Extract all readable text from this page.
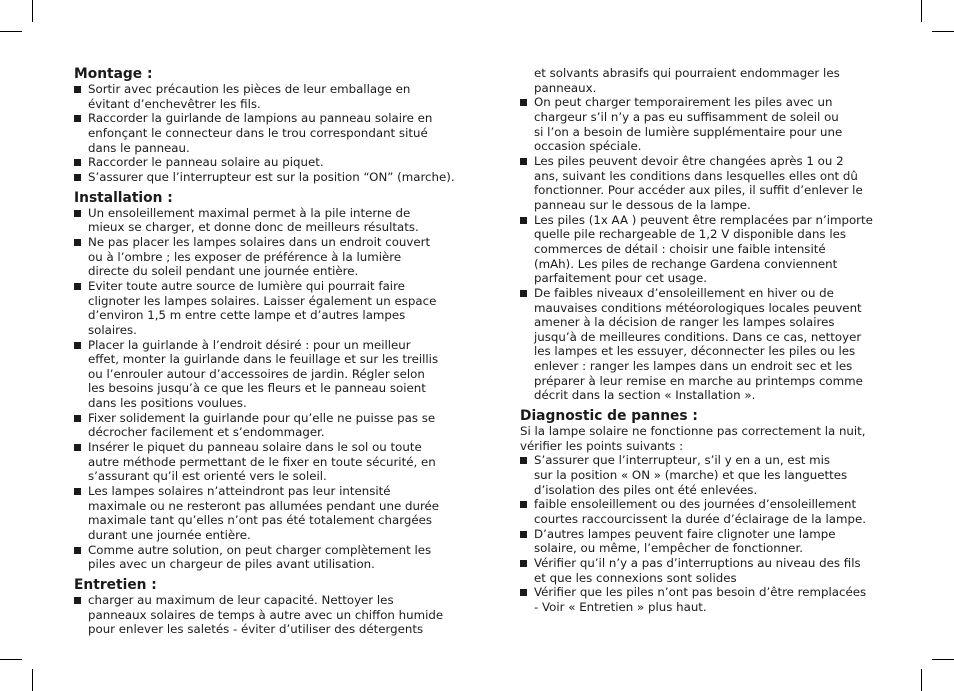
Montage :
Sortir avec précaution les pièces de leur emballage en
évitant d’enchevêtrer les fils.
Raccorder la guirlande de lampions au panneau solaire en
enfonçant le connecteur dans le trou correspondant situé
dans le panneau.
Raccorder le panneau solaire au piquet.
S’assurer que l’interrupteur est sur la position “ON” (marche).
Installation :
Un ensoleillement maximal permet à la pile interne de
mieux se charger, et donne donc de meilleurs résultats.
Ne pas placer les lampes solaires dans un endroit couvert
ou à l’ombre ; les exposer de préférence à la lumière
directe du soleil pendant une journée entière.
Eviter toute autre source de lumière qui pourrait faire
clignoter les lampes solaires. Laisser également un espace
d’environ 1,5 m entre cette lampe et d’autres lampes
solaires.
Placer la guirlande à l’endroit désiré : pour un meilleur
effet, monter la guirlande dans le feuillage et sur les treillis
ou l’enrouler autour d’accessoires de jardin. Régler selon
les besoins jusqu’à ce que les fleurs et le panneau soient
dans les positions voulues.
Fixer solidement la guirlande pour qu’elle ne puisse pas se
décrocher facilement et s’endommager.
Insérer le piquet du panneau solaire dans le sol ou toute
autre méthode permettant de le fixer en toute sécurité, en
s’assurant qu’il est orienté vers le soleil.
Les lampes solaires n’atteindront pas leur intensité
maximale ou ne resteront pas allumées pendant une durée
maximale tant qu’elles n’ont pas été totalement chargées
durant une journée entière.
Comme autre solution, on peut charger complètement les
piles avec un chargeur de piles avant utilisation.
Entretien :
charger au maximum de leur capacité. Nettoyer les
panneaux solaires de temps à autre avec un chiffon humide
pour enlever les saletés - éviter d’utiliser des détergents
et solvants abrasifs qui pourraient endommager les
panneaux.
On peut charger temporairement les piles avec un
chargeur s’il n’y a pas eu suffisamment de soleil ou
si l’on a besoin de lumière supplémentaire pour une
occasion spéciale.
Les piles peuvent devoir être changées après 1 ou 2
ans, suivant les conditions dans lesquelles elles ont dû
fonctionner. Pour accéder aux piles, il suffit d’enlever le
panneau sur le dessous de la lampe.
Les piles (1x AA ) peuvent être remplacées par n’importe
quelle pile rechargeable de 1,2 V disponible dans les
commerces de détail : choisir une faible intensité
(mAh). Les piles de rechange Gardena conviennent
parfaitement pour cet usage.
De faibles niveaux d’ensoleillement en hiver ou de
mauvaises conditions météorologiques locales peuvent
amener à la décision de ranger les lampes solaires
jusqu’à de meilleures conditions. Dans ce cas, nettoyer
les lampes et les essuyer, déconnecter les piles ou les
enlever : ranger les lampes dans un endroit sec et les
préparer à leur remise en marche au printemps comme
décrit dans la section « Installation ».
Diagnostic de pannes :

Si la lampe solaire ne fonctionne pas correctement la nuit,
vérifier les points suivants :

S’assurer que l’interrupteur, s’il y en a un, est mis
sur la position « ON » (marche) et que les languettes
d’isolation des piles ont été enlevées.
faible ensoleillement ou des journées d’ensoleillement
courtes raccourcissent la durée d’éclairage de la lampe.
D’autres lampes peuvent faire clignoter une lampe
solaire, ou même, l’empêcher de fonctionner.
Vérifier qu’il n’y a pas d’interruptions au niveau des fils
et que les connexions sont solides
Vérifier que les piles n’ont pas besoin d’être remplacées
- Voir « Entretien » plus haut.
